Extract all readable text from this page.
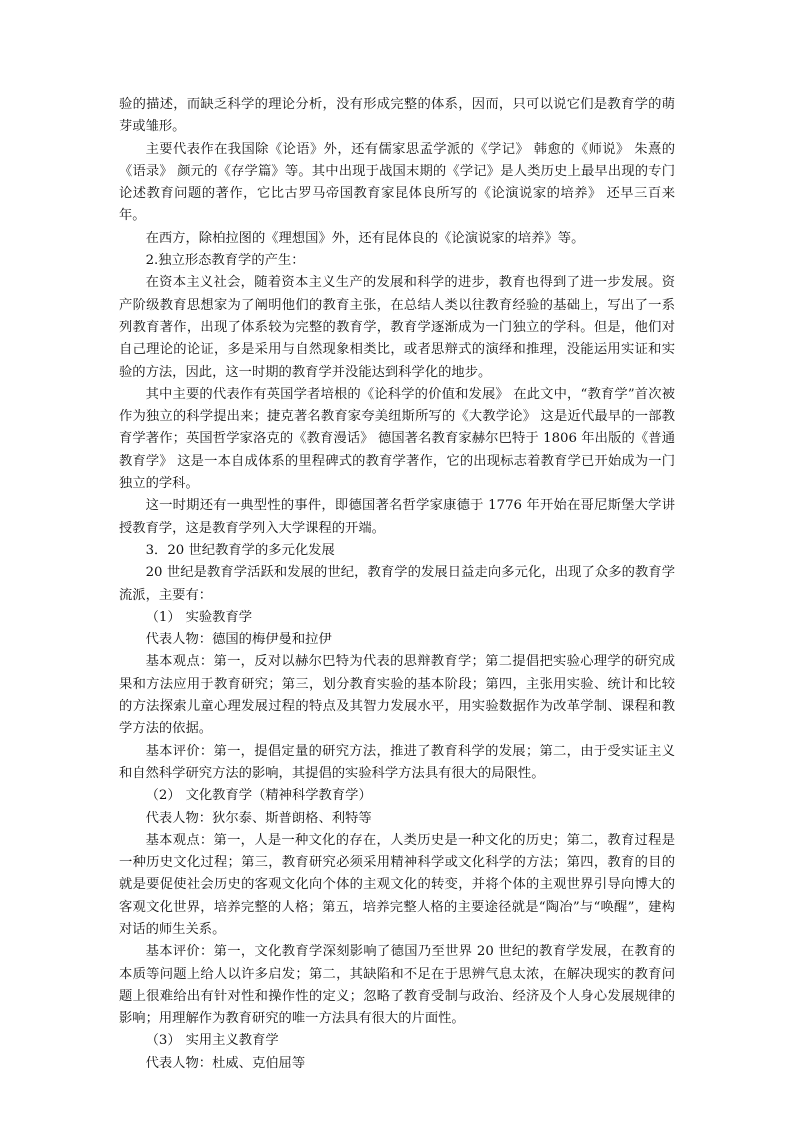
验的描述，而缺乏科学的理论分析，没有形成完整的体系，因而，只可以说它们是教育学的萌芽或雏形。

主要代表作在我国除《论语》外，还有儒家思孟学派的《学记》 韩愈的《师说》 朱熹的《语录》 颜元的《存学篇》等。其中出现于战国末期的《学记》是人类历史上最早出现的专门论述教育问题的著作，它比古罗马帝国教育家昆体良所写的《论演说家的培养》 还早三百来年。

在西方，除柏拉图的《理想国》外，还有昆体良的《论演说家的培养》等。

2.独立形态教育学的产生：

在资本主义社会，随着资本主义生产的发展和科学的进步，教育也得到了进一步发展。资产阶级教育思想家为了阐明他们的教育主张，在总结人类以往教育经验的基础上，写出了一系列教育著作，出现了体系较为完整的教育学，教育学逐渐成为一门独立的学科。但是，他们对自己理论的论证，多是采用与自然现象相类比，或者思辩式的演绎和推理，没能运用实证和实验的方法，因此，这一时期的教育学并没能达到科学化的地步。

其中主要的代表作有英国学者培根的《论科学的价值和发展》 在此文中，“教育学”首次被作为独立的科学提出来；捷克著名教育家夸美纽斯所写的《大教学论》 这是近代最早的一部教育学著作；英国哲学家洛克的《教育漫话》 德国著名教育家赫尔巴特于 1806 年出版的《普通教育学》 这是一本自成体系的里程碑式的教育学著作，它的出现标志着教育学已开始成为一门独立的学科。

这一时期还有一典型性的事件，即德国著名哲学家康德于 1776 年开始在哥尼斯堡大学讲授教育学，这是教育学列入大学课程的开端。

3．20 世纪教育学的多元化发展

20 世纪是教育学活跃和发展的世纪，教育学的发展日益走向多元化，出现了众多的教育学流派，主要有：

（1） 实验教育学

代表人物：德国的梅伊曼和拉伊

基本观点：第一，反对以赫尔巴特为代表的思辩教育学；第二提倡把实验心理学的研究成果和方法应用于教育研究；第三，划分教育实验的基本阶段；第四，主张用实验、统计和比较的方法探索儿童心理发展过程的特点及其智力发展水平，用实验数据作为改革学制、课程和教学方法的依据。

基本评价：第一，提倡定量的研究方法，推进了教育科学的发展；第二，由于受实证主义和自然科学研究方法的影响，其提倡的实验科学方法具有很大的局限性。

（2） 文化教育学（精神科学教育学）

代表人物：狄尔泰、斯普朗格、利特等

基本观点：第一，人是一种文化的存在，人类历史是一种文化的历史；第二，教育过程是一种历史文化过程；第三，教育研究必须采用精神科学或文化科学的方法；第四，教育的目的就是要促使社会历史的客观文化向个体的主观文化的转变，并将个体的主观世界引导向博大的客观文化世界，培养完整的人格；第五，培养完整人格的主要途径就是“陶冶”与“唤醒”，建构对话的师生关系。

基本评价：第一，文化教育学深刻影响了德国乃至世界 20 世纪的教育学发展，在教育的本质等问题上给人以许多启发；第二，其缺陷和不足在于思辨气息太浓，在解决现实的教育问题上很难给出有针对性和操作性的定义；忽略了教育受制与政治、经济及个人身心发展规律的影响；用理解作为教育研究的唯一方法具有很大的片面性。

（3） 实用主义教育学

代表人物：杜威、克伯屈等
